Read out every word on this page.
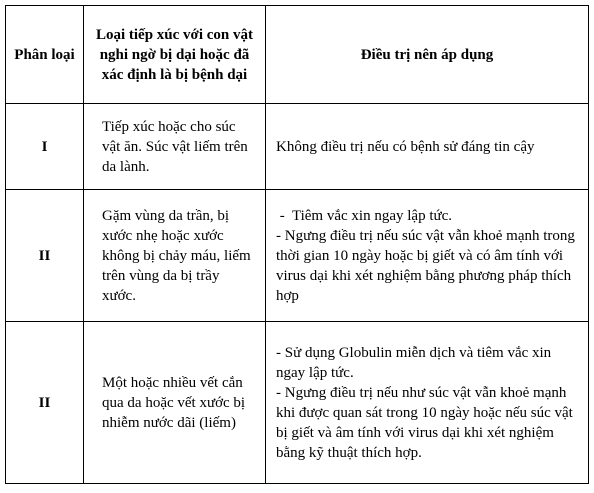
Phân loại	Loại tiếp xúc với con vật nghi ngờ bị dại hoặc đã xác định là bị bệnh dại	Điều trị nên áp dụng
I	Tiếp xúc hoặc cho súc vật ăn. Súc vật liếm trên da lành.	Không điều trị nếu có bệnh sử đáng tin cậy

II	Gặm vùng da trần, bị xước nhẹ hoặc xước không bị chảy máu, liếm trên vùng da bị trầy xước.	-  Tiêm vắc xin ngay lập tức.
- Ngưng điều trị nếu súc vật vẫn khoẻ mạnh trong thời gian 10 ngày hoặc bị giết và có âm tính với virus dại khi xét nghiệm bằng phương pháp thích hợp

II	Một hoặc nhiều vết cắn qua da hoặc vết xước bị nhiễm nước dãi (liếm)	- Sử dụng Globulin miễn dịch và tiêm vắc xin ngay lập tức.
- Ngưng điều trị nếu như súc vật vẫn khoẻ mạnh khi được quan sát trong 10 ngày hoặc nếu súc vật bị giết và âm tính với virus dại khi xét nghiệm bằng kỹ thuật thích hợp.
